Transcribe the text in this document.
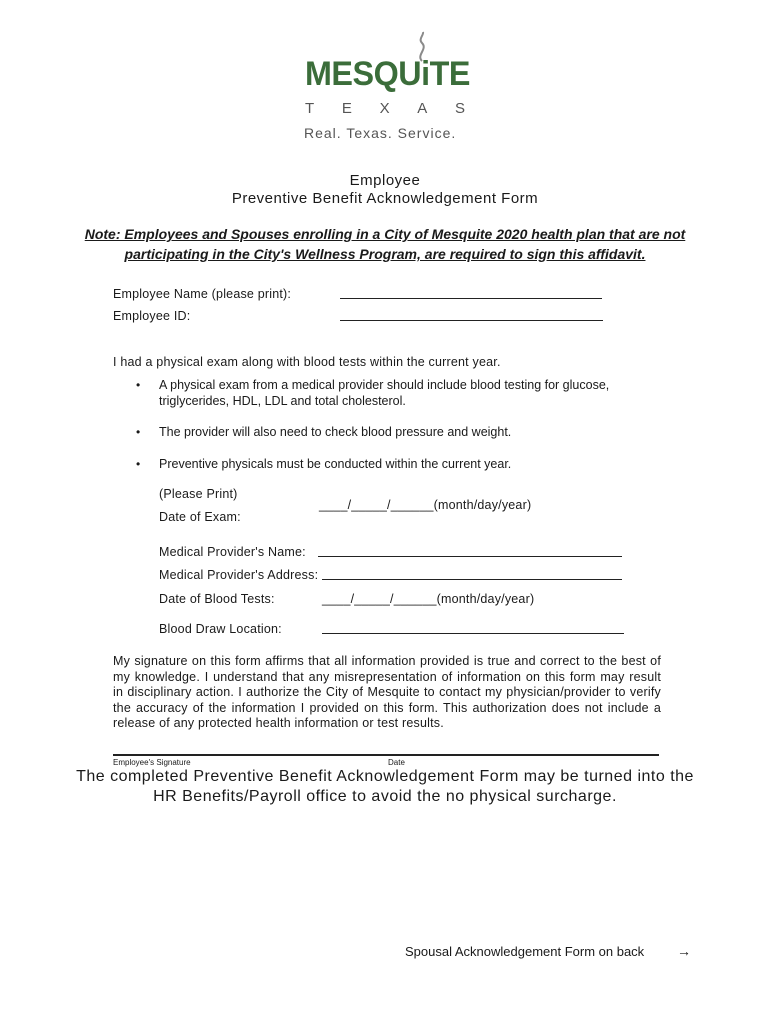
MESQUiTE
T E X A S
Real. Texas. Service.
Employee
Preventive Benefit Acknowledgement Form
Note: Employees and Spouses enrolling in a City of Mesquite 2020 health plan that are not
participating in the City's Wellness Program, are required to sign this affidavit.
Employee Name (please print):
Employee ID:
I had a physical exam along with blood tests within the current year.
• A physical exam from a medical provider should include blood testing for glucose,
triglycerides, HDL, LDL and total cholesterol.
• The provider will also need to check blood pressure and weight.
• Preventive physicals must be conducted within the current year.
(Please Print)
____/_____/______(month/day/year)
Date of Exam:
Medical Provider's Name:
Medical Provider's Address:
Date of Blood Tests:	____/_____/______(month/day/year)
Blood Draw Location:
My signature on this form affirms that all information provided is true and correct to the best of my knowledge. I understand that any misrepresentation of information on this form may result in disciplinary action. I authorize the City of Mesquite to contact my physician/provider to verify the accuracy of the information I provided on this form. This authorization does not include a release of any protected health information or test results.
Employee's Signature	Date
The completed Preventive Benefit Acknowledgement Form may be turned into the
HR Benefits/Payroll office to avoid the no physical surcharge.
Spousal Acknowledgement Form on back →
